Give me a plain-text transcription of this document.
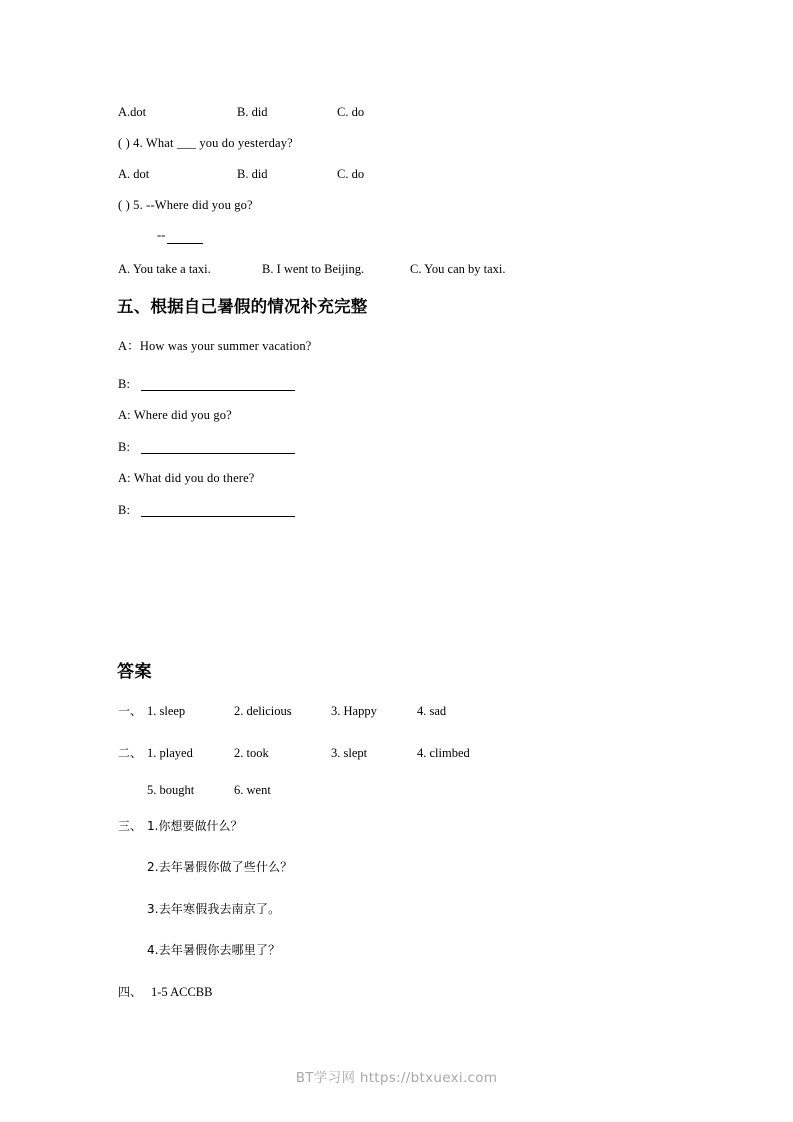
A.dot	B. did	C. do
( ) 4. What ___ you do yesterday?
A. dot	B. did	C. do
( ) 5. --Where did you go?
--
A. You take a taxi.	B. I went to Beijing.	C. You can by taxi.
五、根据自己暑假的情况补充完整
A：How was your summer vacation?
B:
A: Where did you go?
B:
A: What did you do there?
B:
答案
一、 1. sleep	2. delicious	3. Happy	4. sad
二、 1. played	2. took	3. slept	4. climbed
5. bought	6. went
三、 1.你想要做什么？
2.去年暑假你做了些什么？
3.去年寒假我去南京了。
4.去年暑假你去哪里了？
四、 1-5 ACCBB
BT学习网 https://btxuexi.com
